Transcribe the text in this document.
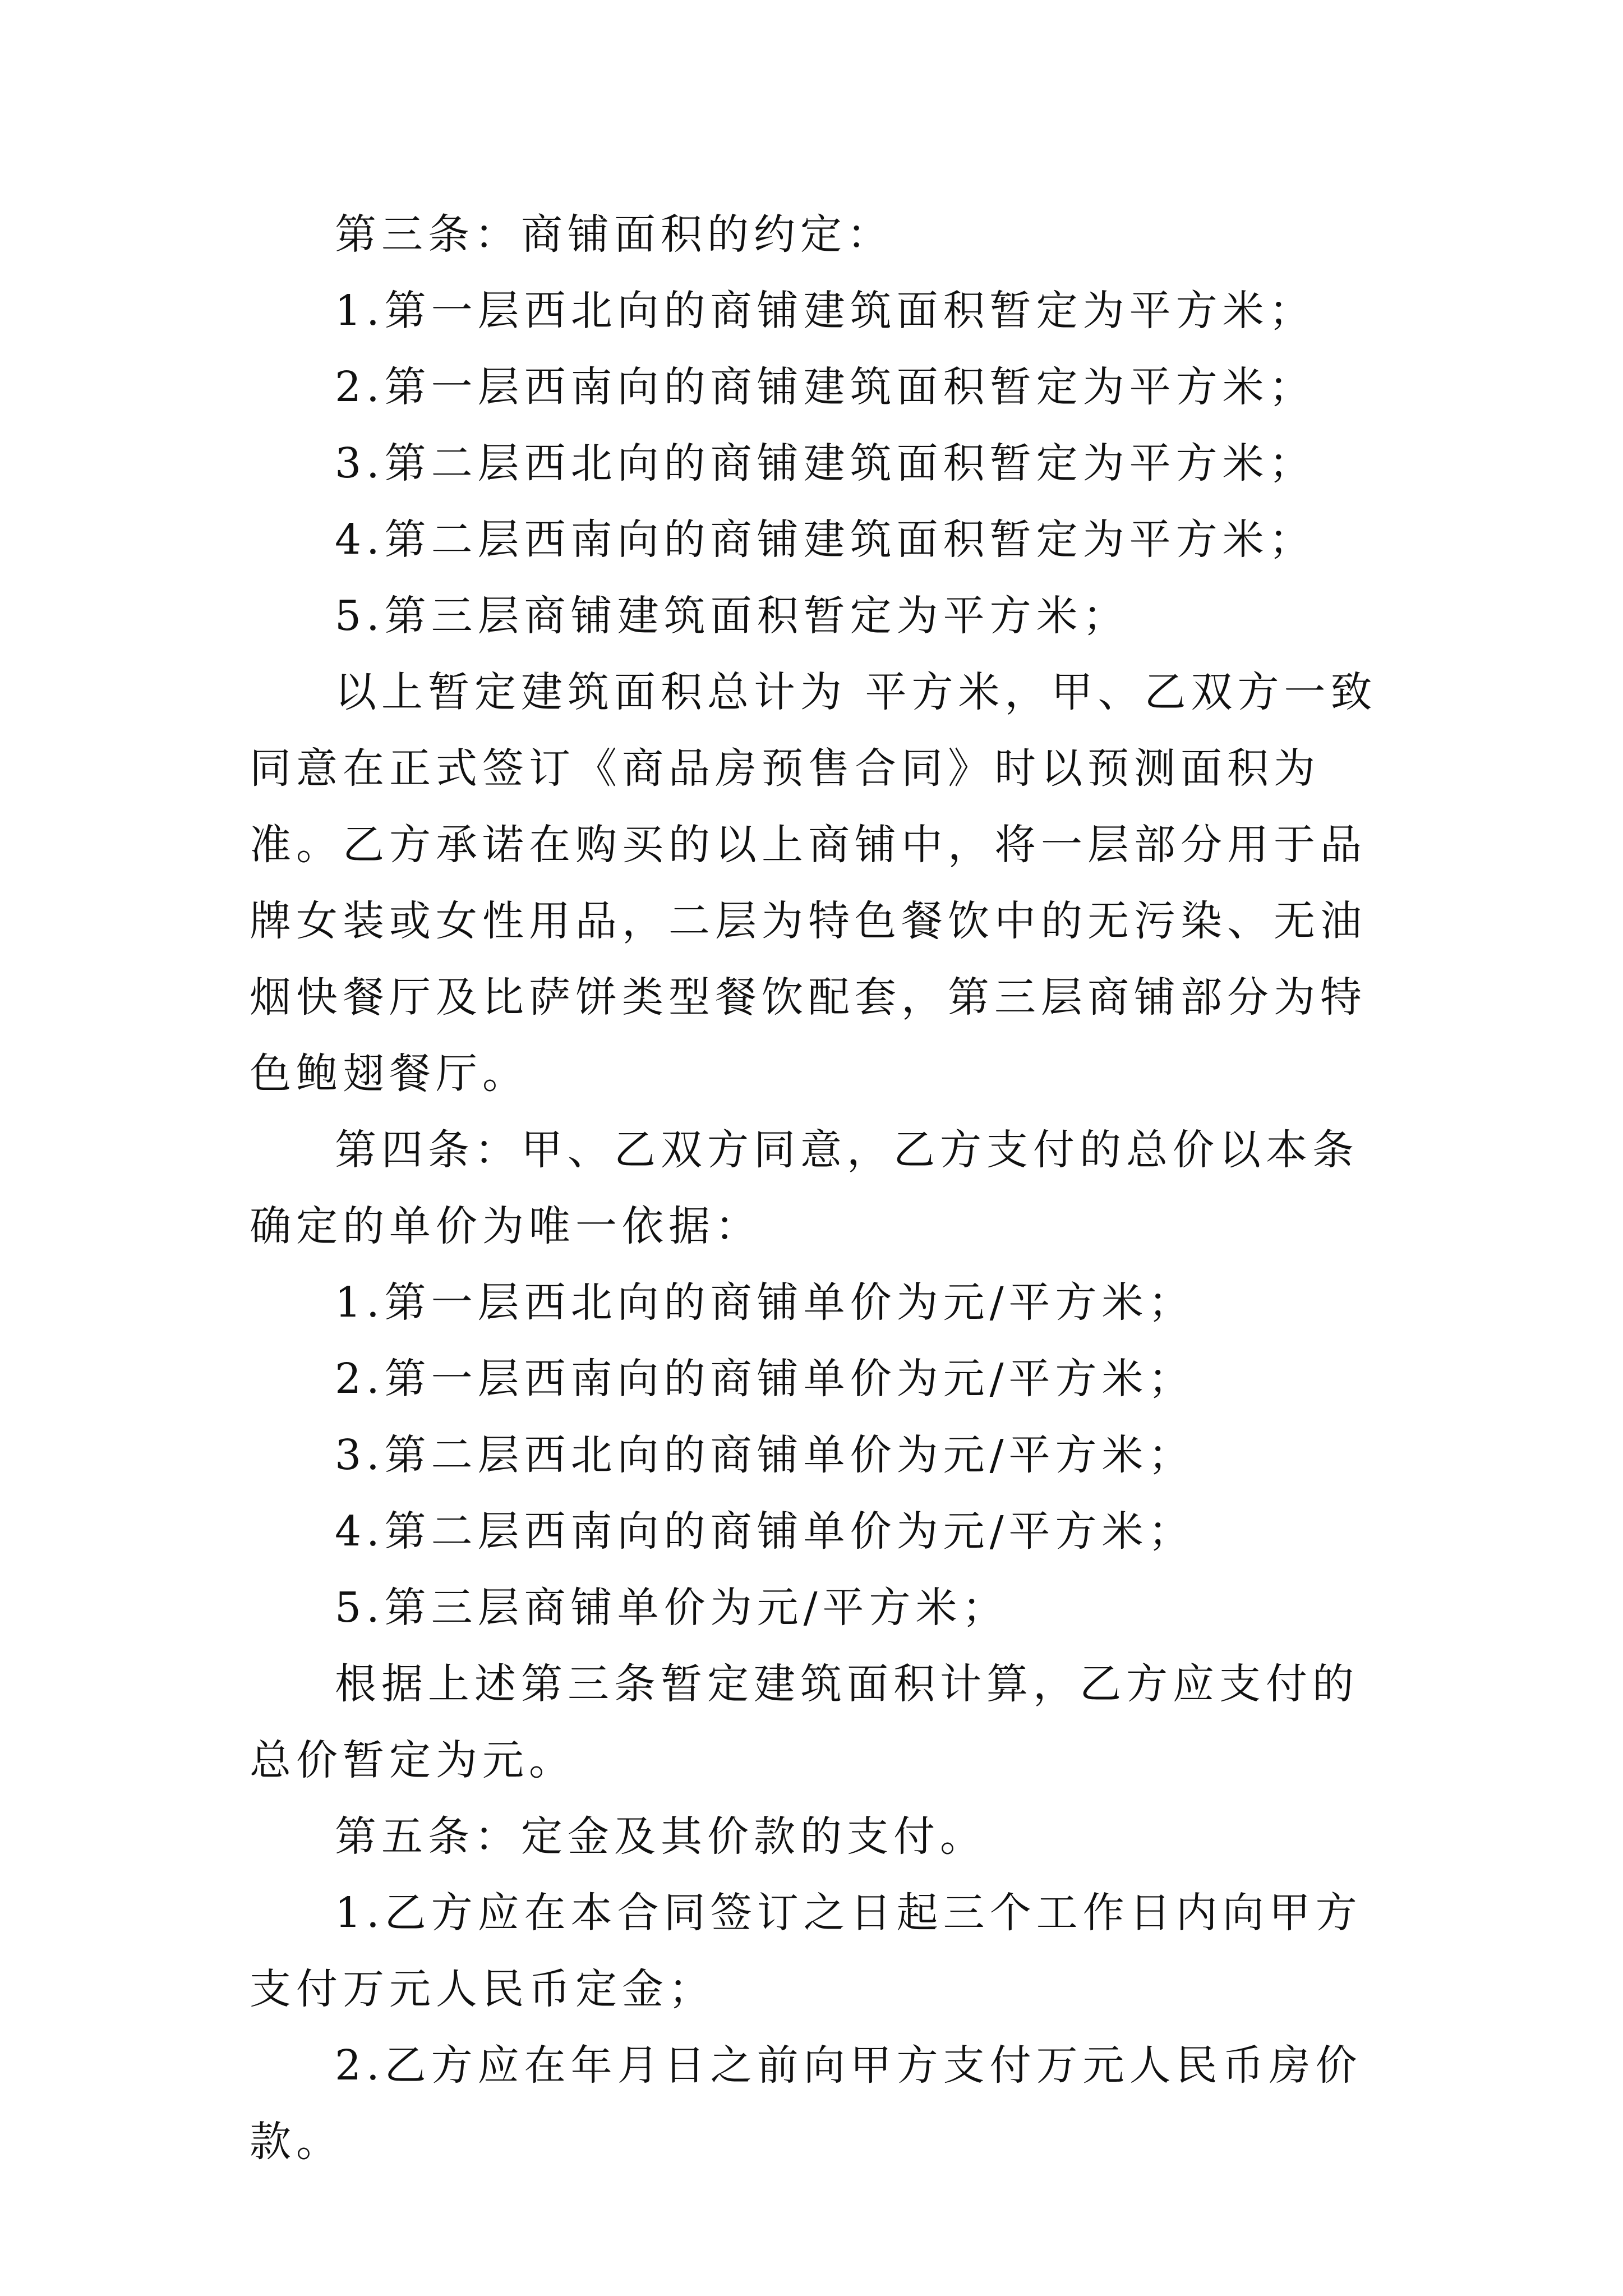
第三条：商铺面积的约定：

1.第一层西北向的商铺建筑面积暂定为平方米；

2.第一层西南向的商铺建筑面积暂定为平方米；

3.第二层西北向的商铺建筑面积暂定为平方米；

4.第二层西南向的商铺建筑面积暂定为平方米；

5.第三层商铺建筑面积暂定为平方米；

以上暂定建筑面积总计为 平方米，甲、乙双方一致同意在正式签订《商品房预售合同》时以预测面积为准。乙方承诺在购买的以上商铺中，将一层部分用于品牌女装或女性用品，二层为特色餐饮中的无污染、无油烟快餐厅及比萨饼类型餐饮配套，第三层商铺部分为特色鲍翅餐厅。

第四条：甲、乙双方同意，乙方支付的总价以本条确定的单价为唯一依据：

1.第一层西北向的商铺单价为元/平方米；

2.第一层西南向的商铺单价为元/平方米；

3.第二层西北向的商铺单价为元/平方米；

4.第二层西南向的商铺单价为元/平方米；

5.第三层商铺单价为元/平方米；

根据上述第三条暂定建筑面积计算，乙方应支付的总价暂定为元。

第五条：定金及其价款的支付。

1.乙方应在本合同签订之日起三个工作日内向甲方支付万元人民币定金；

2.乙方应在年月日之前向甲方支付万元人民币房价款。
